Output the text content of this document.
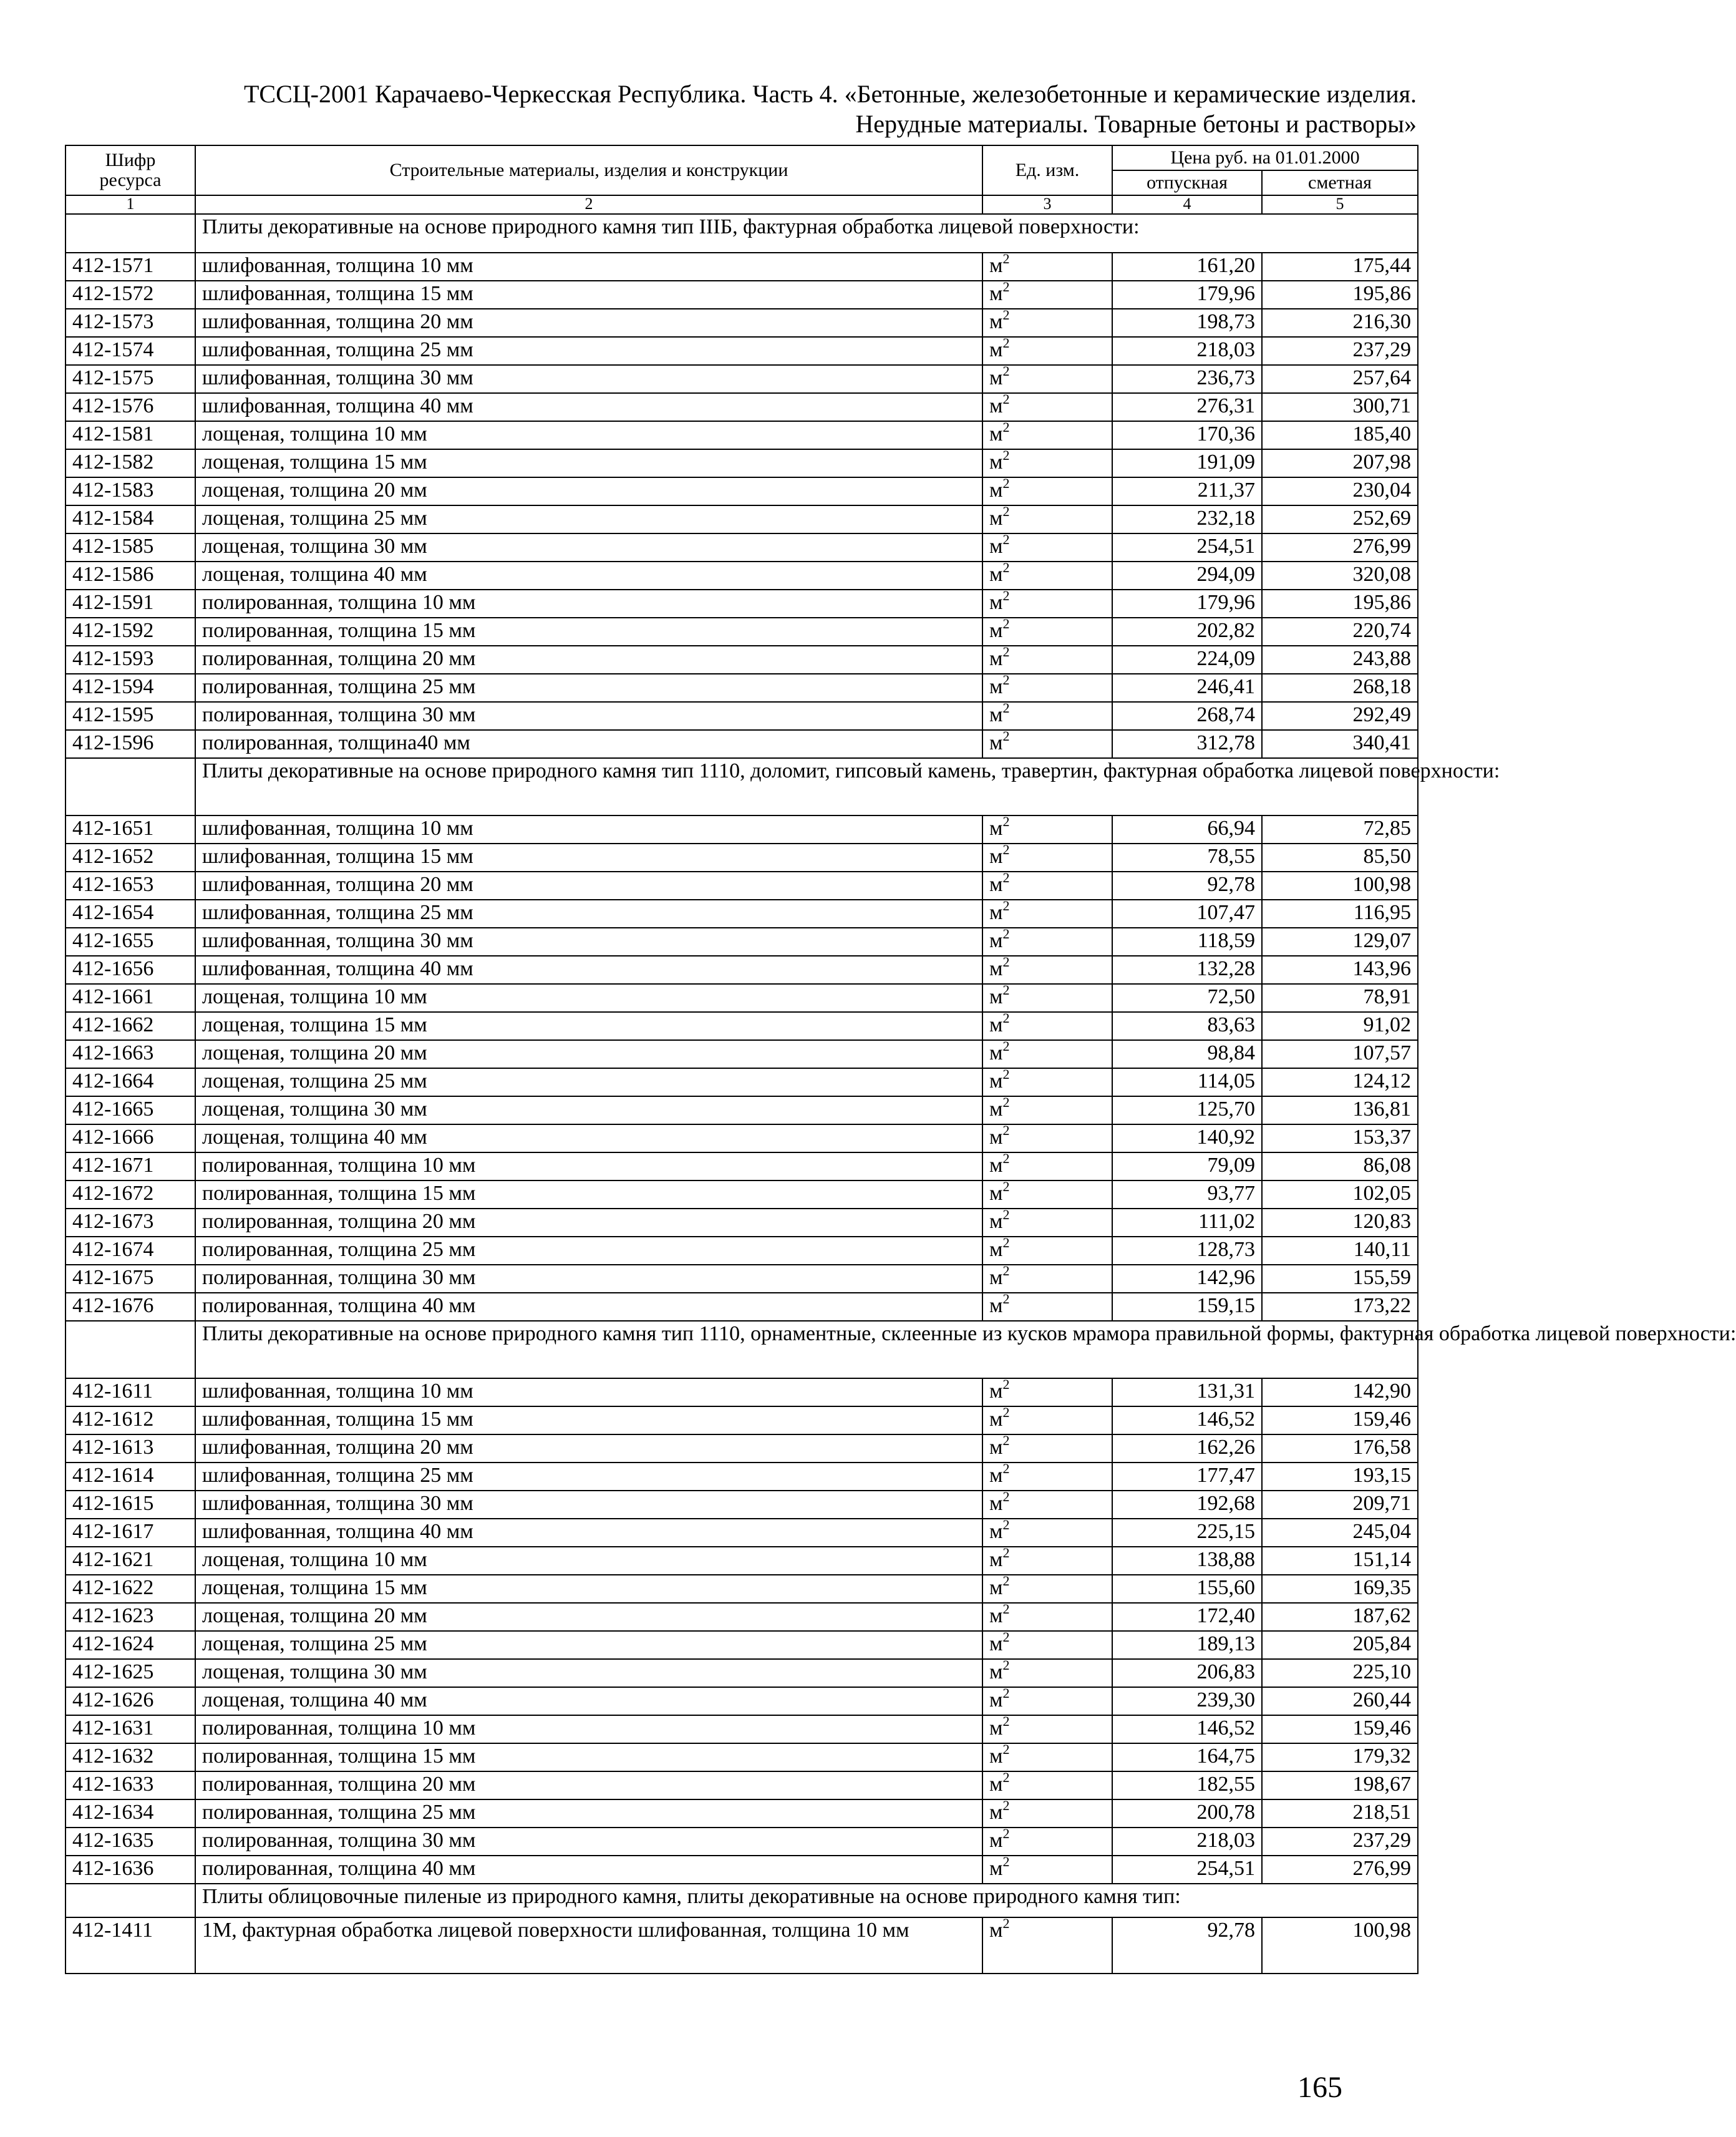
ТССЦ-2001 Карачаево-Черкесская Республика. Часть 4. «Бетонные, железобетонные и керамические изделия.
Нерудные материалы. Товарные бетоны и растворы»
Шифр ресурса	Строительные материалы, изделия и конструкции	Ед. изм.	Цена руб. на 01.01.2000	
			отпускная	сметная
1	2	3	4	5
	Плиты декоративные на основе природного камня тип IIIБ, фактурная обработка лицевой поверхности:			
412-1571	шлифованная, толщина 10 мм	$м^2$	161,20	175,44
412-1572	шлифованная, толщина 15 мм	$м^2$	179,96	195,86
412-1573	шлифованная, толщина 20 мм	$м^2$	198,73	216,30
412-1574	шлифованная, толщина 25 мм	$м^2$	218,03	237,29
412-1575	шлифованная, толщина 30 мм	$м^2$	236,73	257,64
412-1576	шлифованная, толщина 40 мм	$м^2$	276,31	300,71
412-1581	лощеная, толщина 10 мм	$м^2$	170,36	185,40
412-1582	лощеная, толщина 15 мм	$м^2$	191,09	207,98
412-1583	лощеная, толщина 20 мм	$м^2$	211,37	230,04
412-1584	лощеная, толщина 25 мм	$м^2$	232,18	252,69
412-1585	лощеная, толщина 30 мм	$м^2$	254,51	276,99
412-1586	лощеная, толщина 40 мм	$м^2$	294,09	320,08
412-1591	полированная, толщина 10 мм	$м^2$	179,96	195,86
412-1592	полированная, толщина 15 мм	$м^2$	202,82	220,74
412-1593	полированная, толщина 20 мм	$м^2$	224,09	243,88
412-1594	полированная, толщина 25 мм	$м^2$	246,41	268,18
412-1595	полированная, толщина 30 мм	$м^2$	268,74	292,49
412-1596	полированная, толщина40 мм	$м^2$	312,78	340,41
	Плиты декоративные на основе природного камня тип 1110, доломит, гипсовый камень, травертин, фактурная обработка лицевой поверхности:			
412-1651	шлифованная, толщина 10 мм	$м^2$	66,94	72,85
412-1652	шлифованная, толщина 15 мм	$м^2$	78,55	85,50
412-1653	шлифованная, толщина 20 мм	$м^2$	92,78	100,98
412-1654	шлифованная, толщина 25 мм	$м^2$	107,47	116,95
412-1655	шлифованная, толщина 30 мм	$м^2$	118,59	129,07
412-1656	шлифованная, толщина 40 мм	$м^2$	132,28	143,96
412-1661	лощеная, толщина 10 мм	$м^2$	72,50	78,91
412-1662	лощеная, толщина 15 мм	$м^2$	83,63	91,02
412-1663	лощеная, толщина 20 мм	$м^2$	98,84	107,57
412-1664	лощеная, толщина 25 мм	$м^2$	114,05	124,12
412-1665	лощеная, толщина 30 мм	$м^2$	125,70	136,81
412-1666	лощеная, толщина 40 мм	$м^2$	140,92	153,37
412-1671	полированная, толщина 10 мм	$м^2$	79,09	86,08
412-1672	полированная, толщина 15 мм	$м^2$	93,77	102,05
412-1673	полированная, толщина 20 мм	$м^2$	111,02	120,83
412-1674	полированная, толщина 25 мм	$м^2$	128,73	140,11
412-1675	полированная, толщина 30 мм	$м^2$	142,96	155,59
412-1676	полированная, толщина 40 мм	$м^2$	159,15	173,22
	Плиты декоративные на основе природного камня тип 1110, орнаментные, склеенные из кусков мрамора правильной формы, фактурная обработка лицевой поверхности:			
412-1611	шлифованная, толщина 10 мм	$м^2$	131,31	142,90
412-1612	шлифованная, толщина 15 мм	$м^2$	146,52	159,46
412-1613	шлифованная, толщина 20 мм	$м^2$	162,26	176,58
412-1614	шлифованная, толщина 25 мм	$м^2$	177,47	193,15
412-1615	шлифованная, толщина 30 мм	$м^2$	192,68	209,71
412-1617	шлифованная, толщина 40 мм	$м^2$	225,15	245,04
412-1621	лощеная, толщина 10 мм	$м^2$	138,88	151,14
412-1622	лощеная, толщина 15 мм	$м^2$	155,60	169,35
412-1623	лощеная, толщина 20 мм	$м^2$	172,40	187,62
412-1624	лощеная, толщина 25 мм	$м^2$	189,13	205,84
412-1625	лощеная, толщина 30 мм	$м^2$	206,83	225,10
412-1626	лощеная, толщина 40 мм	$м^2$	239,30	260,44
412-1631	полированная, толщина 10 мм	$м^2$	146,52	159,46
412-1632	полированная, толщина 15 мм	$м^2$	164,75	179,32
412-1633	полированная, толщина 20 мм	$м^2$	182,55	198,67
412-1634	полированная, толщина 25 мм	$м^2$	200,78	218,51
412-1635	полированная, толщина 30 мм	$м^2$	218,03	237,29
412-1636	полированная, толщина 40 мм	$м^2$	254,51	276,99
	Плиты облицовочные пиленые из природного камня, плиты декоративные на основе природного камня тип:			
412-1411	1М, фактурная обработка лицевой поверхности шлифованная, толщина 10 мм	$м^2$	92,78	100,98
165
